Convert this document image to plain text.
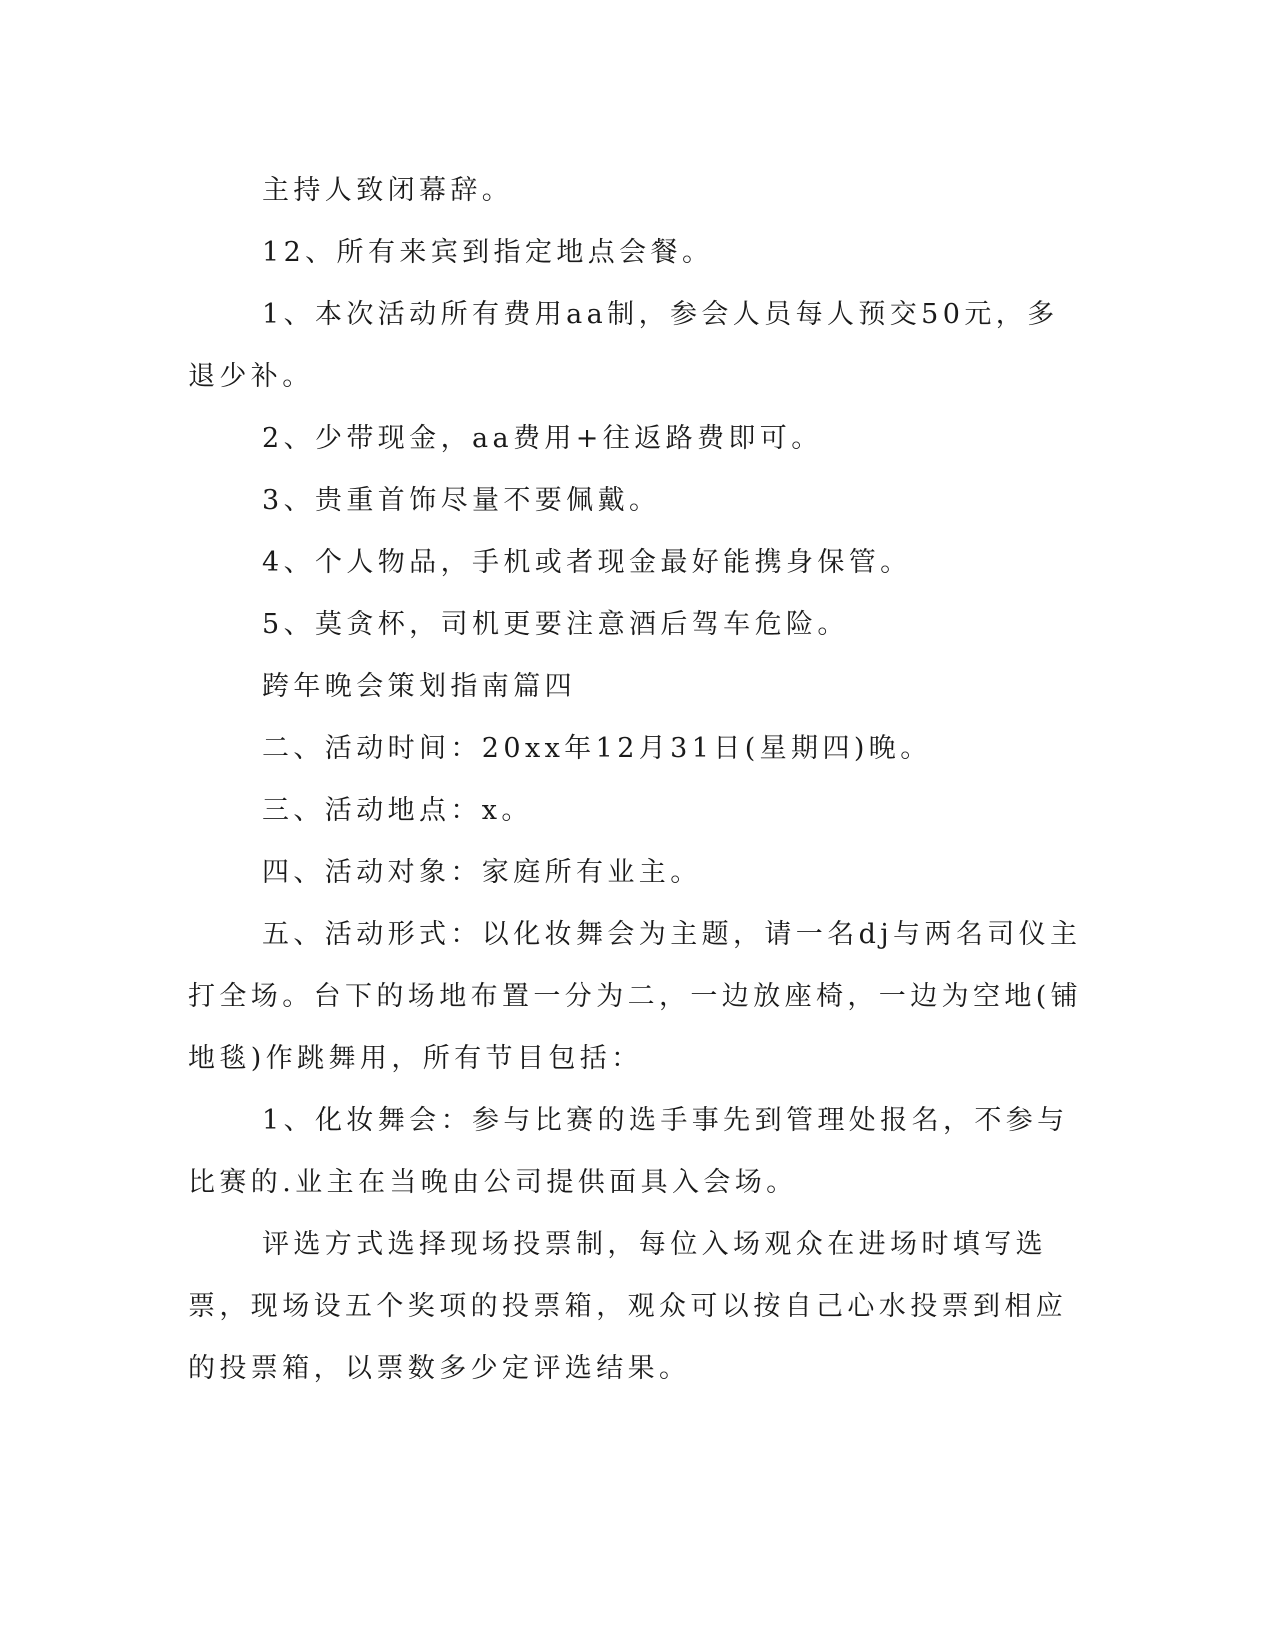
主持人致闭幕辞。

12、所有来宾到指定地点会餐。

1、本次活动所有费用aa制，参会人员每人预交50元，多退少补。

2、少带现金，aa费用+往返路费即可。

3、贵重首饰尽量不要佩戴。

4、个人物品，手机或者现金最好能携身保管。

5、莫贪杯，司机更要注意酒后驾车危险。

跨年晚会策划指南篇四

二、活动时间：20xx年12月31日(星期四)晚。

三、活动地点：x。

四、活动对象：家庭所有业主。

五、活动形式：以化妆舞会为主题，请一名dj与两名司仪主打全场。台下的场地布置一分为二，一边放座椅，一边为空地(铺地毯)作跳舞用，所有节目包括：

1、化妆舞会：参与比赛的选手事先到管理处报名，不参与比赛的.业主在当晚由公司提供面具入会场。

评选方式选择现场投票制，每位入场观众在进场时填写选票，现场设五个奖项的投票箱，观众可以按自己心水投票到相应的投票箱，以票数多少定评选结果。
